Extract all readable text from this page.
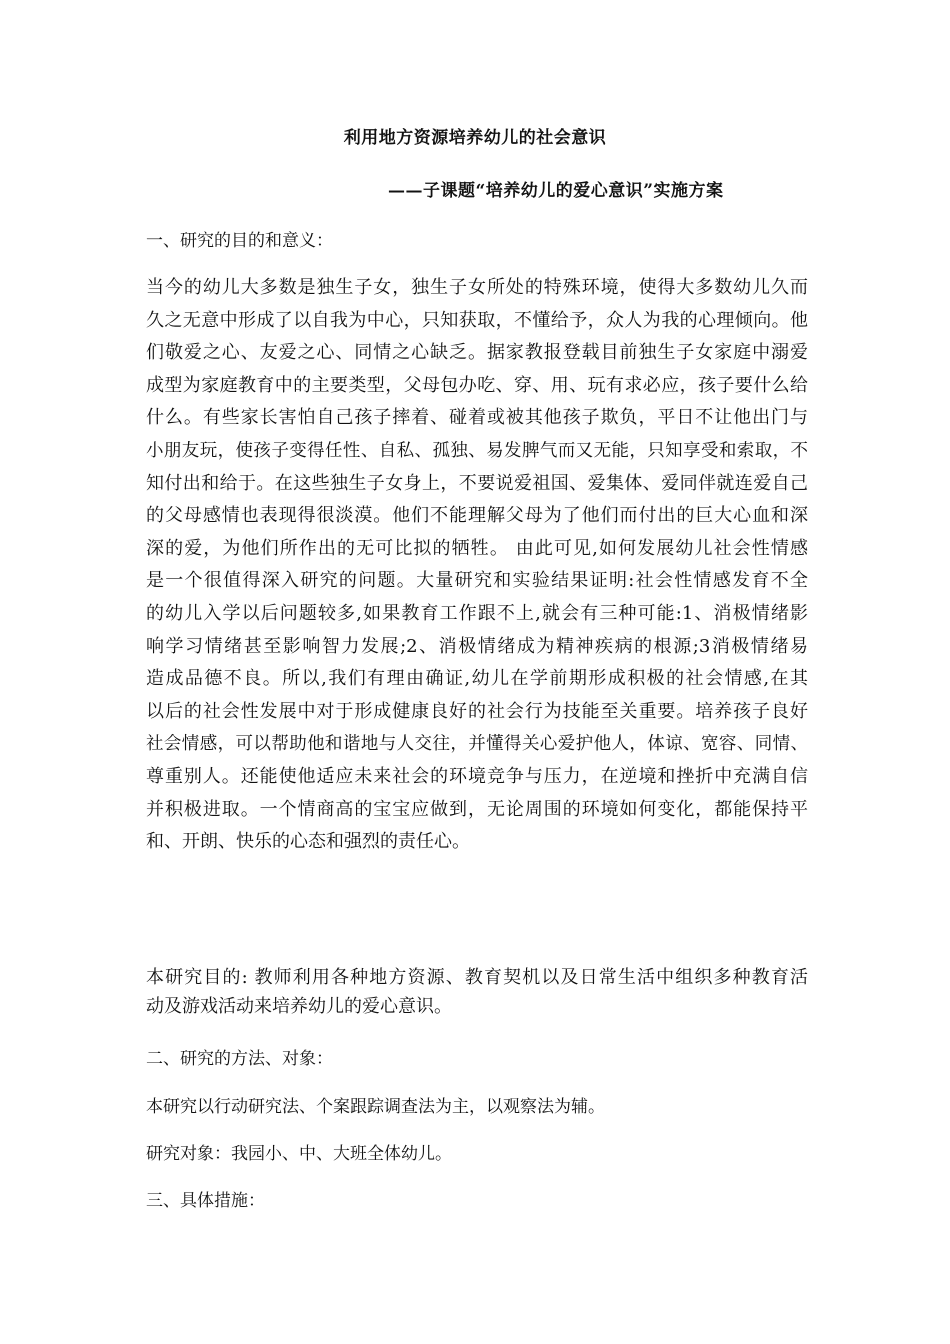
利用地方资源培养幼儿的社会意识
——子课题“培养幼儿的爱心意识”实施方案
一、研究的目的和意义：
当今的幼儿大多数是独生子女，独生子女所处的特殊环境，使得大多数幼儿久而
久之无意中形成了以自我为中心，只知获取，不懂给予，众人为我的心理倾向。他
们敬爱之心、友爱之心、同情之心缺乏。据家教报登载目前独生子女家庭中溺爱
成型为家庭教育中的主要类型，父母包办吃、穿、用、玩有求必应，孩子要什么给
什么。有些家长害怕自己孩子摔着、碰着或被其他孩子欺负，平日不让他出门与
小朋友玩，使孩子变得任性、自私、孤独、易发脾气而又无能，只知享受和索取，不
知付出和给于。在这些独生子女身上，不要说爱祖国、爱集体、爱同伴就连爱自己
的父母感情也表现得很淡漠。他们不能理解父母为了他们而付出的巨大心血和深
深的爱，为他们所作出的无可比拟的牺牲。 由此可见,如何发展幼儿社会性情感
是一个很值得深入研究的问题。大量研究和实验结果证明:社会性情感发育不全
的幼儿入学以后问题较多,如果教育工作跟不上,就会有三种可能:1、消极情绪影
响学习情绪甚至影响智力发展;2、消极情绪成为精神疾病的根源;3消极情绪易
造成品德不良。所以,我们有理由确证,幼儿在学前期形成积极的社会情感,在其
以后的社会性发展中对于形成健康良好的社会行为技能至关重要。培养孩子良好
社会情感，可以帮助他和谐地与人交往，并懂得关心爱护他人，体谅、宽容、同情、
尊重别人。还能使他适应未来社会的环境竞争与压力，在逆境和挫折中充满自信
并积极进取。一个情商高的宝宝应做到，无论周围的环境如何变化，都能保持平
和、开朗、快乐的心态和强烈的责任心。
本研究目的: 教师利用各种地方资源、教育契机以及日常生活中组织多种教育活
动及游戏活动来培养幼儿的爱心意识。
二、研究的方法、对象：
本研究以行动研究法、个案跟踪调查法为主，以观察法为辅。
研究对象：我园小、中、大班全体幼儿。
三、具体措施：
